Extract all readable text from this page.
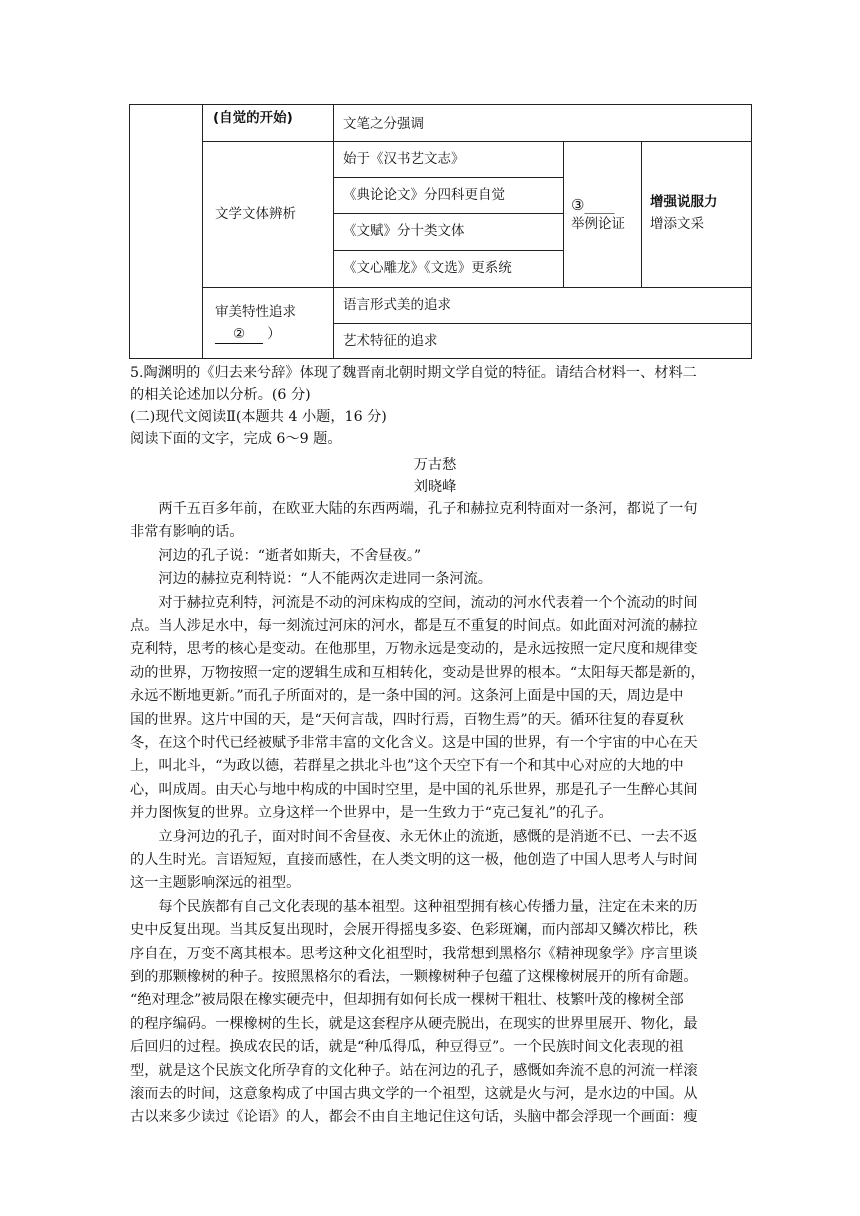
(自觉的开始)	文笔之分强调
文学文体辨析
始于《汉书艺文志》
《典论论文》分四科更自觉
《文赋》分十类文体
《文心雕龙》《文选》更系统
③____
举例论证
增强说服力
增添文采
审美特性追求
② ）
语言形式美的追求
艺术特征的追求
5.陶渊明的《归去来兮辞》体现了魏晋南北朝时期文学自觉的特征。请结合材料一、材料二
的相关论述加以分析。(6 分)
(二)现代文阅读Ⅱ(本题共 4 小题，16 分)
阅读下面的文字，完成 6～9 题。
万古愁
刘晓峰
　　两千五百多年前，在欧亚大陆的东西两端，孔子和赫拉克利特面对一条河，都说了一句
非常有影响的话。
　　河边的孔子说：“逝者如斯夫，不舍昼夜。”
　　河边的赫拉克利特说：“人不能两次走进同一条河流。
　　对于赫拉克利特，河流是不动的河床构成的空间，流动的河水代表着一个个流动的时间
点。当人涉足水中，每一刻流过河床的河水，都是互不重复的时间点。如此面对河流的赫拉
克利特，思考的核心是变动。在他那里，万物永远是变动的，是永远按照一定尺度和规律变
动的世界，万物按照一定的逻辑生成和互相转化，变动是世界的根本。“太阳每天都是新的，
永远不断地更新。”而孔子所面对的，是一条中国的河。这条河上面是中国的天，周边是中
国的世界。这片中国的天，是“天何言哉，四时行焉，百物生焉”的天。循环往复的春夏秋
冬，在这个时代已经被赋予非常丰富的文化含义。这是中国的世界，有一个宇宙的中心在天
上，叫北斗，“为政以德，若群星之拱北斗也”这个天空下有一个和其中心对应的大地的中
心，叫成周。由天心与地中构成的中国时空里，是中国的礼乐世界，那是孔子一生醉心其间
并力图恢复的世界。立身这样一个世界中，是一生致力于“克己复礼”的孔子。
　　立身河边的孔子，面对时间不舍昼夜、永无休止的流逝，感慨的是消逝不已、一去不返
的人生时光。言语短短，直接而感性，在人类文明的这一极，他创造了中国人思考人与时间
这一主题影响深远的祖型。
　　每个民族都有自己文化表现的基本祖型。这种祖型拥有核心传播力量，注定在未来的历
史中反复出现。当其反复出现时，会展开得摇曳多姿、色彩斑斓，而内部却又鳞次栉比，秩
序自在，万变不离其根本。思考这种文化祖型时，我常想到黑格尔《精神现象学》序言里谈
到的那颗橡树的种子。按照黑格尔的看法，一颗橡树种子包蕴了这棵橡树展开的所有命题。
“绝对理念”被局限在橡实硬壳中，但却拥有如何长成一棵树干粗壮、枝繁叶茂的橡树全部
的程序编码。一棵橡树的生长，就是这套程序从硬壳脱出，在现实的世界里展开、物化，最
后回归的过程。换成农民的话，就是“种瓜得瓜，种豆得豆”。一个民族时间文化表现的祖
型，就是这个民族文化所孕育的文化种子。站在河边的孔子，感慨如奔流不息的河流一样滚
滚而去的时间，这意象构成了中国古典文学的一个祖型，这就是火与河，是水边的中国。从
古以来多少读过《论语》的人，都会不由自主地记住这句话，头脑中都会浮现一个画面：瘦
